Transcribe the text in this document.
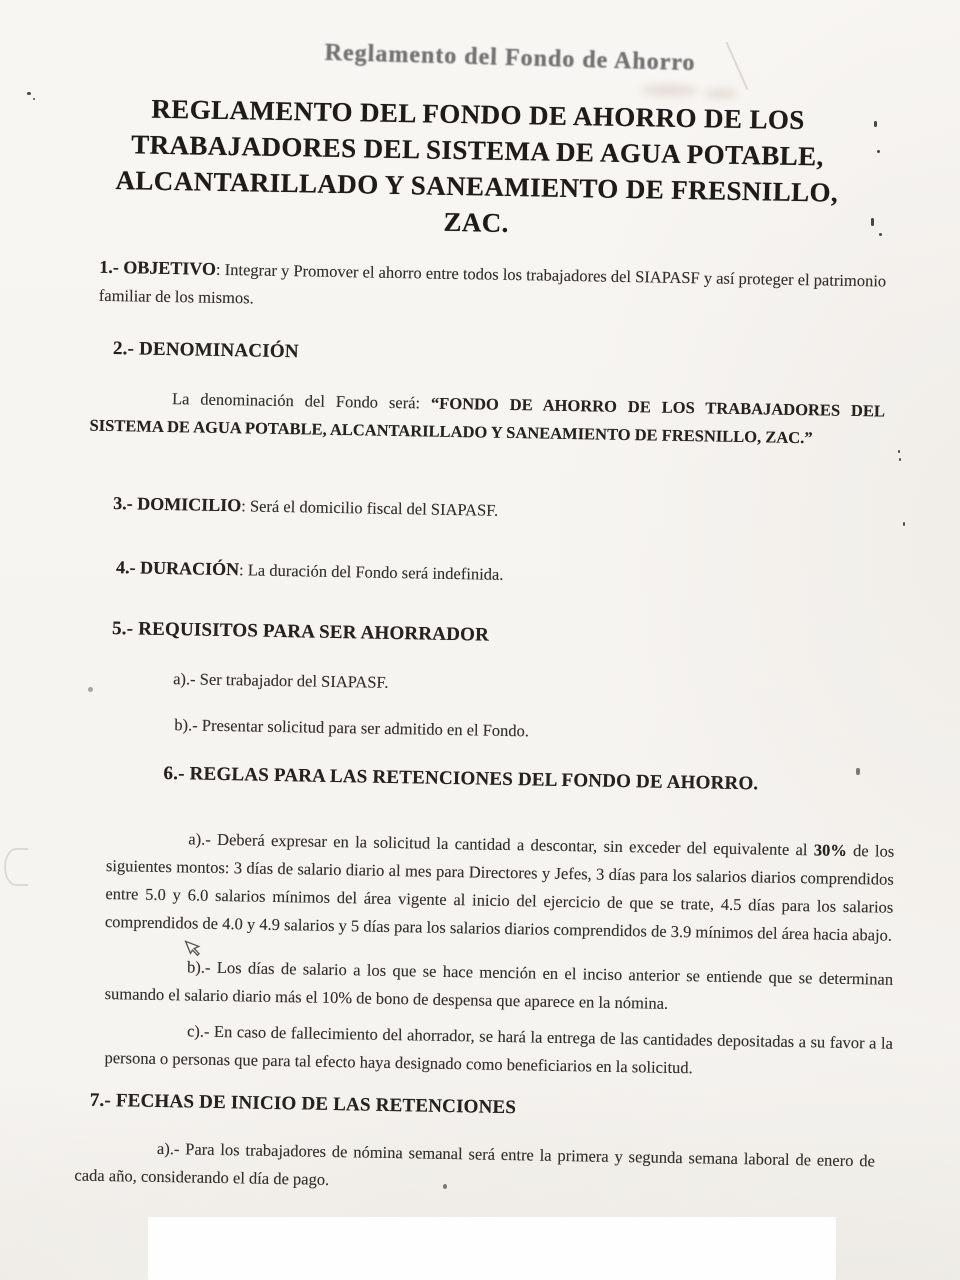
Reglamento del Fondo de Ahorro
REGLAMENTO DEL FONDO DE AHORRO DE LOS
TRABAJADORES DEL SISTEMA DE AGUA POTABLE,
ALCANTARILLADO Y SANEAMIENTO DE FRESNILLO,
ZAC.
1.- OBJETIVO: Integrar y Promover el ahorro entre todos los trabajadores del SIAPASF y así proteger el patrimonio familiar de los mismos.
2.- DENOMINACIÓN
La denominación del Fondo será: “FONDO DE AHORRO DE LOS TRABAJADORES DEL SISTEMA DE AGUA POTABLE, ALCANTARILLADO Y SANEAMIENTO DE FRESNILLO, ZAC.”
3.- DOMICILIO: Será el domicilio fiscal del SIAPASF.
4.- DURACIÓN: La duración del Fondo será indefinida.
5.- REQUISITOS PARA SER AHORRADOR
a).- Ser trabajador del SIAPASF.
b).- Presentar solicitud para ser admitido en el Fondo.
6.- REGLAS PARA LAS RETENCIONES DEL FONDO DE AHORRO.
a).- Deberá expresar en la solicitud la cantidad a descontar, sin exceder del equivalente al 30% de los siguientes montos: 3 días de salario diario al mes para Directores y Jefes, 3 días para los salarios diarios comprendidos entre 5.0 y 6.0 salarios mínimos del área vigente al inicio del ejercicio de que se trate, 4.5 días para los salarios comprendidos de 4.0 y 4.9 salarios y 5 días para los salarios diarios comprendidos de 3.9 mínimos del área hacia abajo.
b).- Los días de salario a los que se hace mención en el inciso anterior se entiende que se determinan sumando el salario diario más el 10% de bono de despensa que aparece en la nómina.
c).- En caso de fallecimiento del ahorrador, se hará la entrega de las cantidades depositadas a su favor a la persona o personas que para tal efecto haya designado como beneficiarios en la solicitud.
7.- FECHAS DE INICIO DE LAS RETENCIONES
a).- Para los trabajadores de nómina semanal será entre la primera y segunda semana laboral de enero de cada año, considerando el día de pago.
